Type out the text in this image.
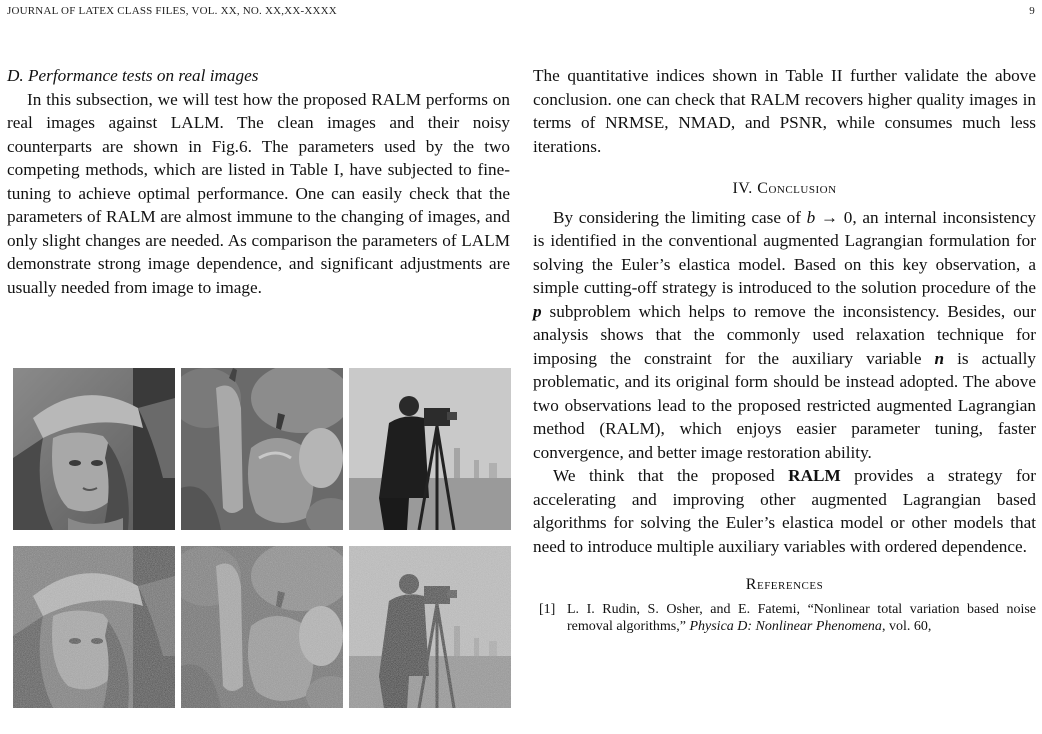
JOURNAL OF LATEX CLASS FILES, VOL. XX, NO. XX,XX-XXXX	9

D. Performance tests on real images

In this subsection, we will test how the proposed RALM performs on real images against LALM. The clean images and their noisy counterparts are shown in Fig.6. The parameters used by the two competing methods, which are listed in Table I, have subjected to fine-tuning to achieve optimal performance. One can easily check that the parameters of RALM are almost immune to the changing of images, and only slight changes are needed. As comparison the parameters of LALM demonstrate strong image dependence, and significant adjustments are usually needed from image to image.

The quantitative indices shown in Table II further validate the above conclusion. one can check that RALM recovers higher quality images in terms of NRMSE, NMAD, and PSNR, while consumes much less iterations.

IV. Conclusion

By considering the limiting case of b → 0, an internal inconsistency is identified in the conventional augmented Lagrangian formulation for solving the Euler’s elastica model. Based on this key observation, a simple cutting-off strategy is introduced to the solution procedure of the p subproblem which helps to remove the inconsistency. Besides, our analysis shows that the commonly used relaxation technique for imposing the constraint for the auxiliary variable n is actually problematic, and its original form should be instead adopted. The above two observations lead to the proposed restricted augmented Lagrangian method (RALM), which enjoys easier parameter tuning, faster convergence, and better image restoration ability.

We think that the proposed RALM provides a strategy for accelerating and improving other augmented Lagrangian based algorithms for solving the Euler’s elastica model or other models that need to introduce multiple auxiliary variables with ordered dependence.

References
[1] L. I. Rudin, S. Osher, and E. Fatemi, “Nonlinear total variation based noise removal algorithms,” Physica D: Nonlinear Phenomena, vol. 60,
